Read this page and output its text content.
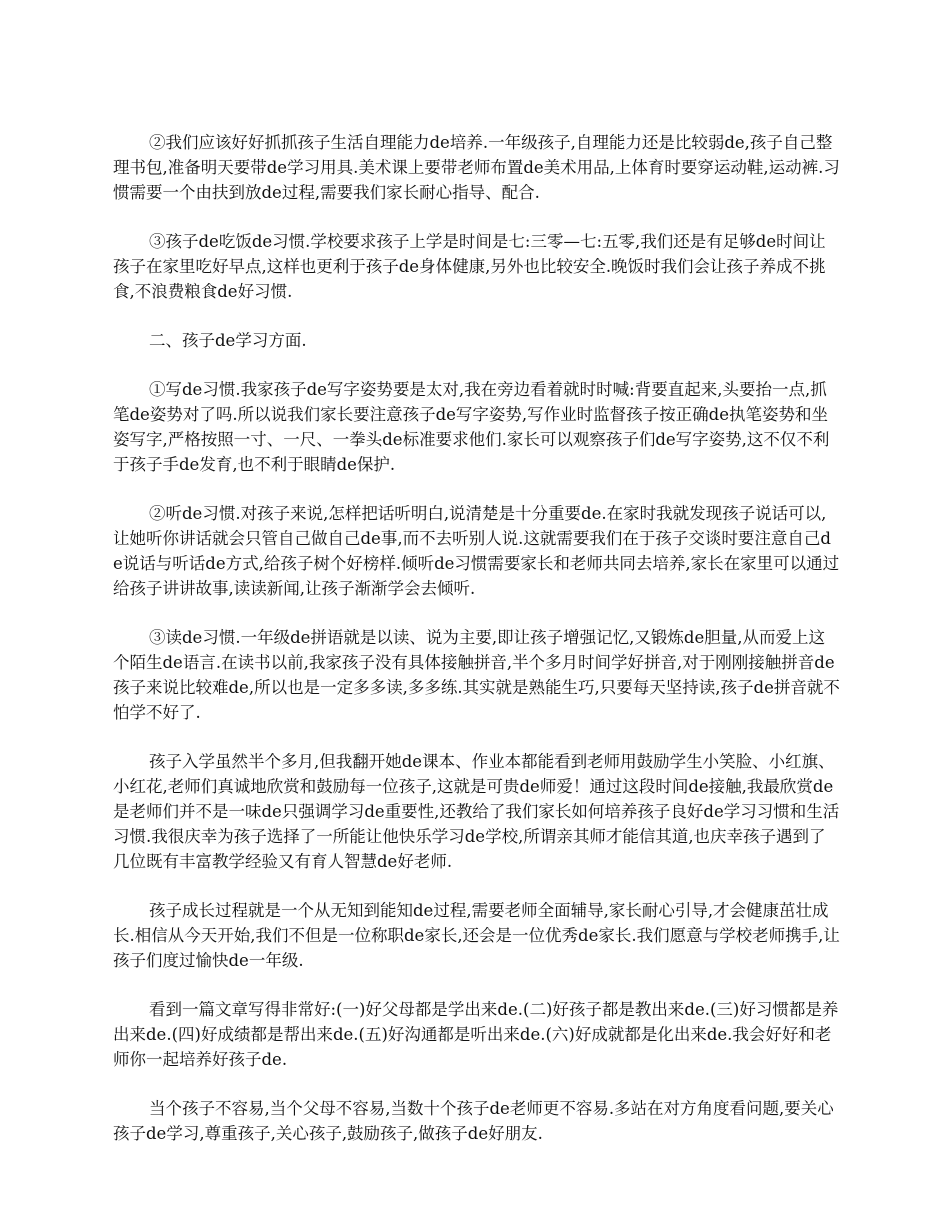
②我们应该好好抓抓孩子生活自理能力de培养.一年级孩子,自理能力还是比较弱de,孩子自己整理书包,准备明天要带de学习用具.美术课上要带老师布置de美术用品,上体育时要穿运动鞋,运动裤.习惯需要一个由扶到放de过程,需要我们家长耐心指导、配合.

③孩子de吃饭de习惯.学校要求孩子上学是时间是七:三零—七:五零,我们还是有足够de时间让孩子在家里吃好早点,这样也更利于孩子de身体健康,另外也比较安全.晚饭时我们会让孩子养成不挑食,不浪费粮食de好习惯.

二、孩子de学习方面.

①写de习惯.我家孩子de写字姿势要是太对,我在旁边看着就时时喊:背要直起来,头要抬一点,抓笔de姿势对了吗.所以说我们家长要注意孩子de写字姿势,写作业时监督孩子按正确de执笔姿势和坐姿写字,严格按照一寸、一尺、一拳头de标准要求他们.家长可以观察孩子们de写字姿势,这不仅不利于孩子手de发育,也不利于眼睛de保护.

②听de习惯.对孩子来说,怎样把话听明白,说清楚是十分重要de.在家时我就发现孩子说话可以,让她听你讲话就会只管自己做自己de事,而不去听别人说.这就需要我们在于孩子交谈时要注意自己de说话与听话de方式,给孩子树个好榜样.倾听de习惯需要家长和老师共同去培养,家长在家里可以通过给孩子讲讲故事,读读新闻,让孩子渐渐学会去倾听.

③读de习惯.一年级de拼语就是以读、说为主要,即让孩子增强记忆,又锻炼de胆量,从而爱上这个陌生de语言.在读书以前,我家孩子没有具体接触拼音,半个多月时间学好拼音,对于刚刚接触拼音de孩子来说比较难de,所以也是一定多多读,多多练.其实就是熟能生巧,只要每天坚持读,孩子de拼音就不怕学不好了.

孩子入学虽然半个多月,但我翻开她de课本、作业本都能看到老师用鼓励学生小笑脸、小红旗、小红花,老师们真诚地欣赏和鼓励每一位孩子,这就是可贵de师爱！通过这段时间de接触,我最欣赏de是老师们并不是一味de只强调学习de重要性,还教给了我们家长如何培养孩子良好de学习习惯和生活习惯.我很庆幸为孩子选择了一所能让他快乐学习de学校,所谓亲其师才能信其道,也庆幸孩子遇到了几位既有丰富教学经验又有育人智慧de好老师.

孩子成长过程就是一个从无知到能知de过程,需要老师全面辅导,家长耐心引导,才会健康茁壮成长.相信从今天开始,我们不但是一位称职de家长,还会是一位优秀de家长.我们愿意与学校老师携手,让孩子们度过愉快de一年级.

看到一篇文章写得非常好:(一)好父母都是学出来de.(二)好孩子都是教出来de.(三)好习惯都是养出来de.(四)好成绩都是帮出来de.(五)好沟通都是听出来de.(六)好成就都是化出来de.我会好好和老师你一起培养好孩子de.

当个孩子不容易,当个父母不容易,当数十个孩子de老师更不容易.多站在对方角度看问题,要关心孩子de学习,尊重孩子,关心孩子,鼓励孩子,做孩子de好朋友.
